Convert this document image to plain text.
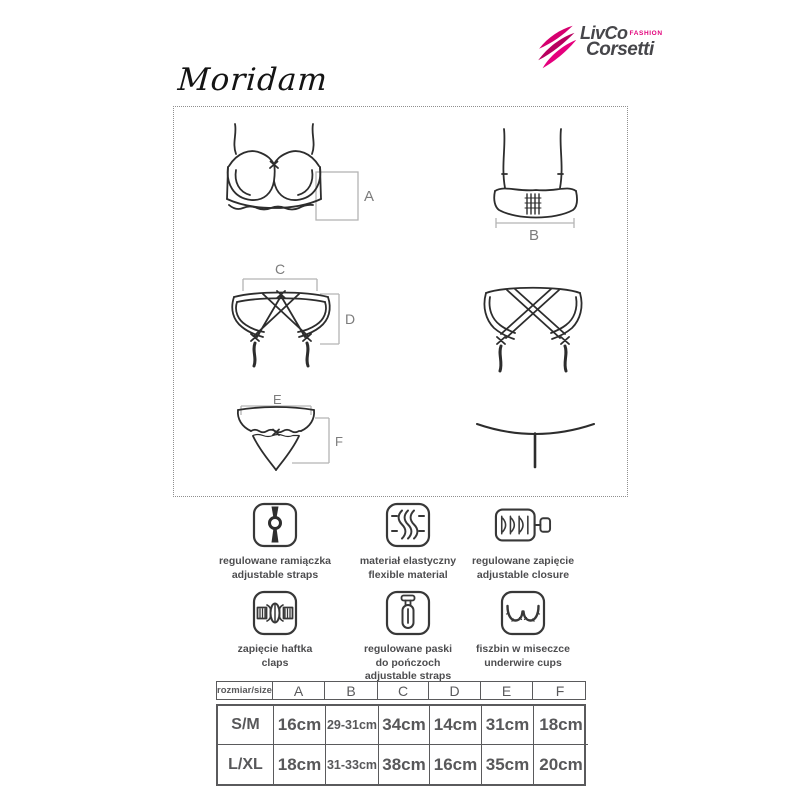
LivCo FASHION
Corsetti
Moridam
A
B
C
D
E
F
regulowane ramiączka
adjustable straps
materiał elastyczny
flexible material
regulowane zapięcie
adjustable closure
zapięcie haftka
claps
regulowane paski
do pończoch
adjustable straps
fiszbin w miseczce
underwire cups
rozmiar/size	A	B	C	D	E	F
S/M	16cm 29-31cm 34cm 14cm 31cm 18cm
L/XL 18cm 31-33cm 38cm 16cm 35cm 20cm
